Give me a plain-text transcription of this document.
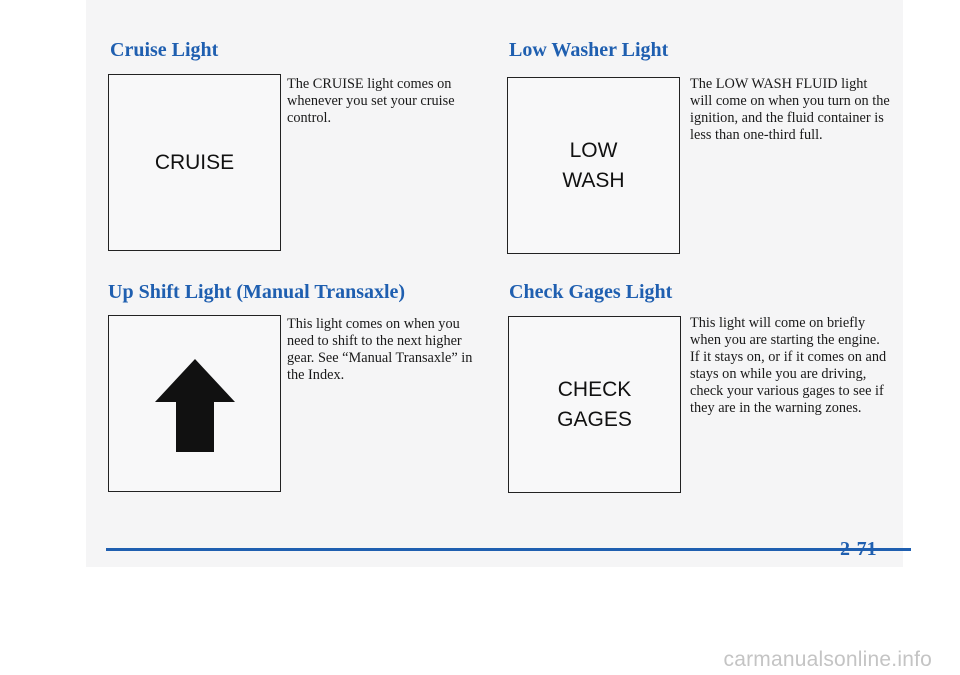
Cruise Light
CRUISE

The CRUISE light comes on whenever you set your cruise control.

Low Washer Light
LOW
WASH

The LOW WASH FLUID light will come on when you turn on the ignition, and the fluid container is less than one-third full.

Up Shift Light (Manual Transaxle)

This light comes on when you need to shift to the next higher gear. See “Manual Transaxle” in the Index.

Check Gages Light
CHECK
GAGES

This light will come on briefly when you are starting the engine. If it stays on, or if it comes on and stays on while you are driving, check your various gages to see if they are in the warning zones.

2-71
carmanualsonline.info
